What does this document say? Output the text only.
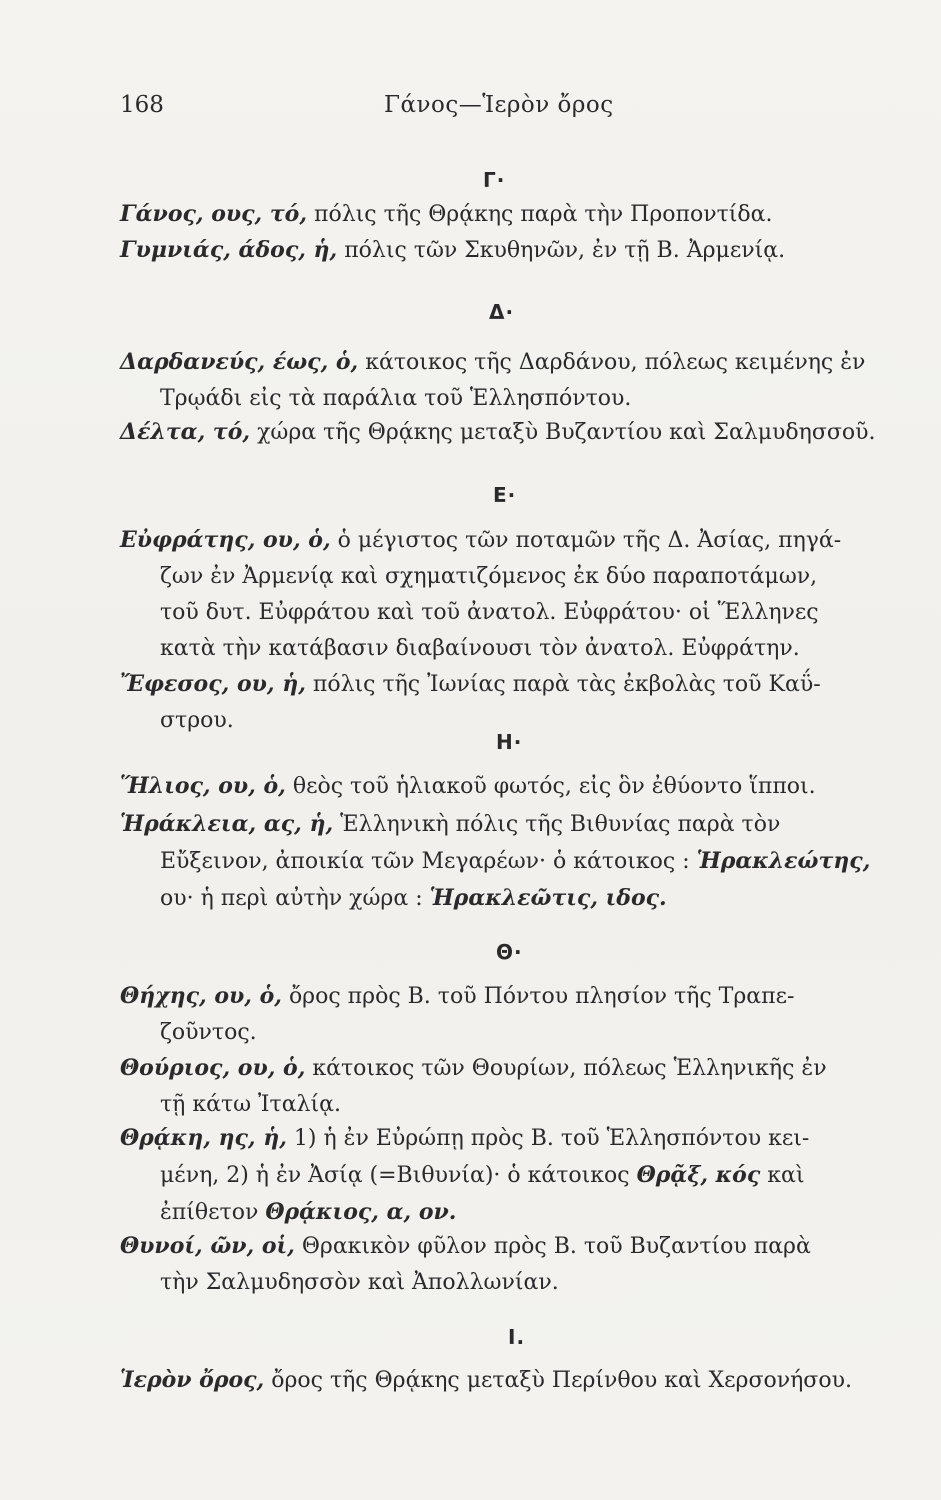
168	Γάνος—Ἱερὸν ὄρος
Γ·
Γάνος, ους, τό, πόλις τῆς Θρᾴκης παρὰ τὴν Προποντίδα.
Γυμνιάς, άδος, ἡ, πόλις τῶν Σκυθηνῶν, ἐν τῇ Β. Ἀρμενίᾳ.
Δ·
Δαρδανεύς, έως, ὁ, κάτοικος τῆς Δαρδάνου, πόλεως κειμένης ἐν
Τρῳάδι εἰς τὰ παράλια τοῦ Ἑλλησπόντου.
Δέλτα, τό, χώρα τῆς Θρᾴκης μεταξὺ Βυζαντίου καὶ Σαλμυδησσοῦ.
Ε·
Εὐφράτης, ου, ὁ, ὁ μέγιστος τῶν ποταμῶν τῆς Δ. Ἀσίας, πηγά-
ζων ἐν Ἀρμενίᾳ καὶ σχηματιζόμενος ἐκ δύο παραποτάμων,
τοῦ δυτ. Εὐφράτου καὶ τοῦ ἀνατολ. Εὐφράτου· οἱ Ἕλληνες
κατὰ τὴν κατάβασιν διαβαίνουσι τὸν ἀνατολ. Εὐφράτην.
Ἔφεσος, ου, ἡ, πόλις τῆς Ἰωνίας παρὰ τὰς ἐκβολὰς τοῦ Καΰ-
στρου.
Η·
Ἥλιος, ου, ὁ, θεὸς τοῦ ἡλιακοῦ φωτός, εἰς ὃν ἐθύοντο ἵπποι.
Ἡράκλεια, ας, ἡ, Ἑλληνικὴ πόλις τῆς Βιθυνίας παρὰ τὸν
Εὔξεινον, ἀποικία τῶν Μεγαρέων· ὁ κάτοικος : Ἡρακλεώτης,
ου· ἡ περὶ αὐτὴν χώρα : Ἡρακλεῶτις, ιδος.
Θ·
Θήχης, ου, ὁ, ὄρος πρὸς Β. τοῦ Πόντου πλησίον τῆς Τραπε-
ζοῦντος.
Θούριος, ου, ὁ, κάτοικος τῶν Θουρίων, πόλεως Ἑλληνικῆς ἐν
τῇ κάτω Ἰταλίᾳ.
Θρᾴκη, ης, ἡ, 1) ἡ ἐν Εὐρώπῃ πρὸς Β. τοῦ Ἑλλησπόντου κει-
μένη, 2) ἡ ἐν Ἀσίᾳ (=Βιθυνία)· ὁ κάτοικος Θρᾷξ, κός καὶ
ἐπίθετον Θρᾴκιος, α, ον.
Θυνοί, ῶν, οἱ, Θρακικὸν φῦλον πρὸς Β. τοῦ Βυζαντίου παρὰ
τὴν Σαλμυδησσὸν καὶ Ἀπολλωνίαν.
Ι.
Ἱερὸν ὄρος, ὄρος τῆς Θρᾴκης μεταξὺ Περίνθου καὶ Χερσονήσου.
